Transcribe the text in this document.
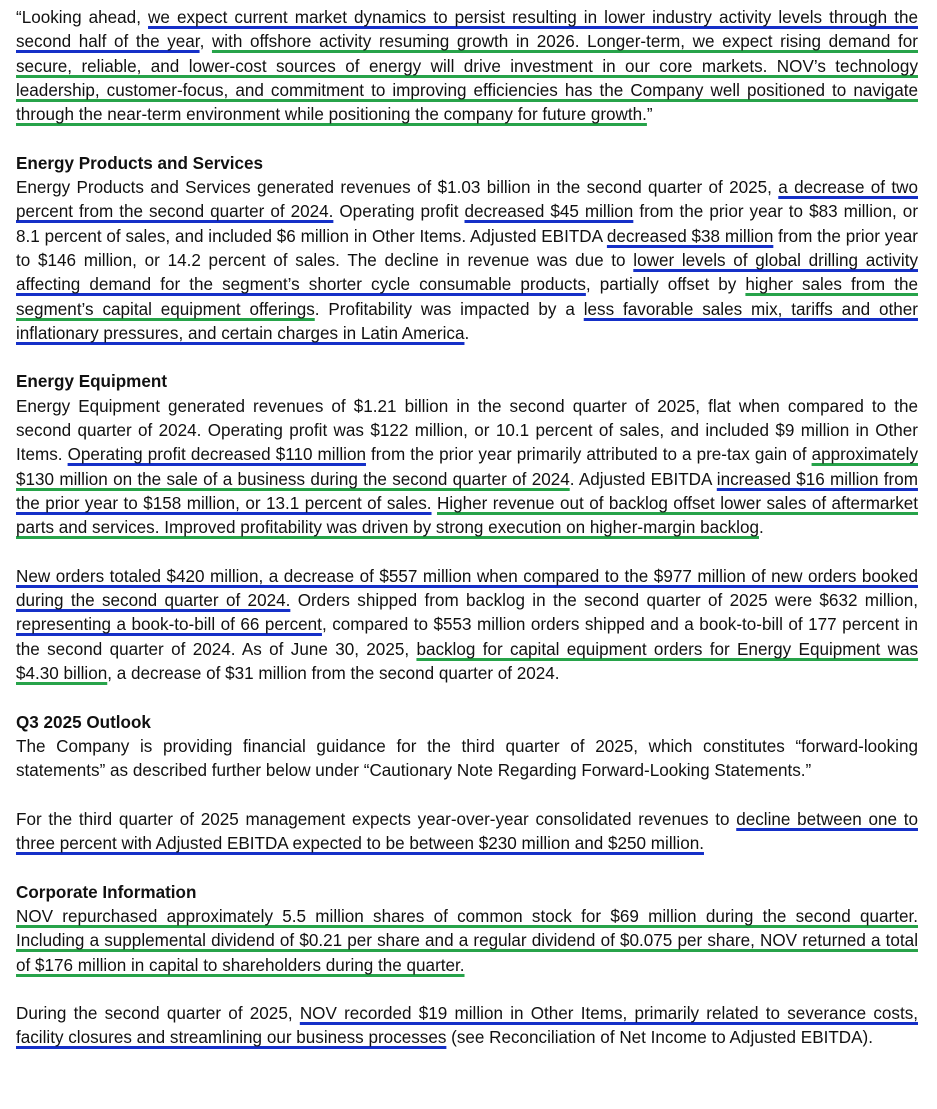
“Looking ahead, we expect current market dynamics to persist resulting in lower industry activity levels through the second half of the year, with offshore activity resuming growth in 2026. Longer-term, we expect rising demand for secure, reliable, and lower-cost sources of energy will drive investment in our core markets. NOV’s technology leadership, customer-focus, and commitment to improving efficiencies has the Company well positioned to navigate through the near-term environment while positioning the company for future growth.”

Energy Products and Services

Energy Products and Services generated revenues of $1.03 billion in the second quarter of 2025, a decrease of two percent from the second quarter of 2024. Operating profit decreased $45 million from the prior year to $83 million, or 8.1 percent of sales, and included $6 million in Other Items. Adjusted EBITDA decreased $38 million from the prior year to $146 million, or 14.2 percent of sales. The decline in revenue was due to lower levels of global drilling activity affecting demand for the segment’s shorter cycle consumable products, partially offset by higher sales from the segment’s capital equipment offerings. Profitability was impacted by a less favorable sales mix, tariffs and other inflationary pressures, and certain charges in Latin America.

Energy Equipment

Energy Equipment generated revenues of $1.21 billion in the second quarter of 2025, flat when compared to the second quarter of 2024. Operating profit was $122 million, or 10.1 percent of sales, and included $9 million in Other Items. Operating profit decreased $110 million from the prior year primarily attributed to a pre-tax gain of approximately $130 million on the sale of a business during the second quarter of 2024. Adjusted EBITDA increased $16 million from the prior year to $158 million, or 13.1 percent of sales. Higher revenue out of backlog offset lower sales of aftermarket parts and services. Improved profitability was driven by strong execution on higher-margin backlog.

New orders totaled $420 million, a decrease of $557 million when compared to the $977 million of new orders booked during the second quarter of 2024. Orders shipped from backlog in the second quarter of 2025 were $632 million, representing a book-to-bill of 66 percent, compared to $553 million orders shipped and a book-to-bill of 177 percent in the second quarter of 2024. As of June 30, 2025, backlog for capital equipment orders for Energy Equipment was $4.30 billion, a decrease of $31 million from the second quarter of 2024.

Q3 2025 Outlook

The Company is providing financial guidance for the third quarter of 2025, which constitutes “forward-looking statements” as described further below under “Cautionary Note Regarding Forward-Looking Statements.”

For the third quarter of 2025 management expects year-over-year consolidated revenues to decline between one to three percent with Adjusted EBITDA expected to be between $230 million and $250 million.

Corporate Information

NOV repurchased approximately 5.5 million shares of common stock for $69 million during the second quarter. Including a supplemental dividend of $0.21 per share and a regular dividend of $0.075 per share, NOV returned a total of $176 million in capital to shareholders during the quarter.

During the second quarter of 2025, NOV recorded $19 million in Other Items, primarily related to severance costs, facility closures and streamlining our business processes (see Reconciliation of Net Income to Adjusted EBITDA).
